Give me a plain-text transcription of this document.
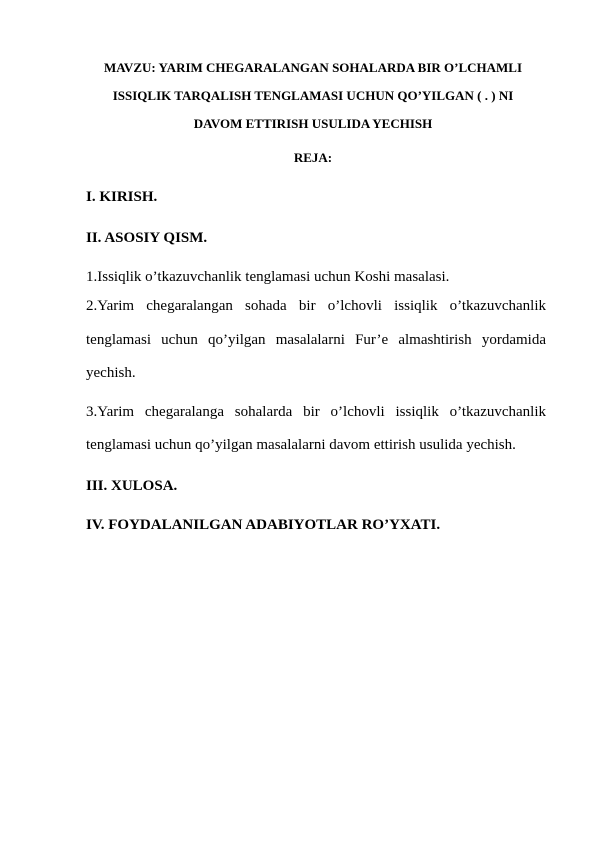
MAVZU: YARIM CHEGARALANGAN SOHALARDA BIR O’LCHAMLI
ISSIQLIK TARQALISH TENGLAMASI UCHUN QO’YILGAN ( . ) NI
DAVOM ETTIRISH USULIDA YECHISH
REJA:
I. KIRISH.
II. ASOSIY QISM.
1.Issiqlik o’tkazuvchanlik tenglamasi uchun Koshi masalasi.
2.Yarim chegaralangan sohada bir o’lchovli issiqlik o’tkazuvchanlik
tenglamasi uchun qo’yilgan masalalarni Fur’e almashtirish yordamida
yechish.
3.Yarim chegaralanga sohalarda bir o’lchovli issiqlik o’tkazuvchanlik
tenglamasi uchun qo’yilgan masalalarni davom ettirish usulida yechish.
III. XULOSA.
IV. FOYDALANILGAN ADABIYOTLAR RO’YXATI.
